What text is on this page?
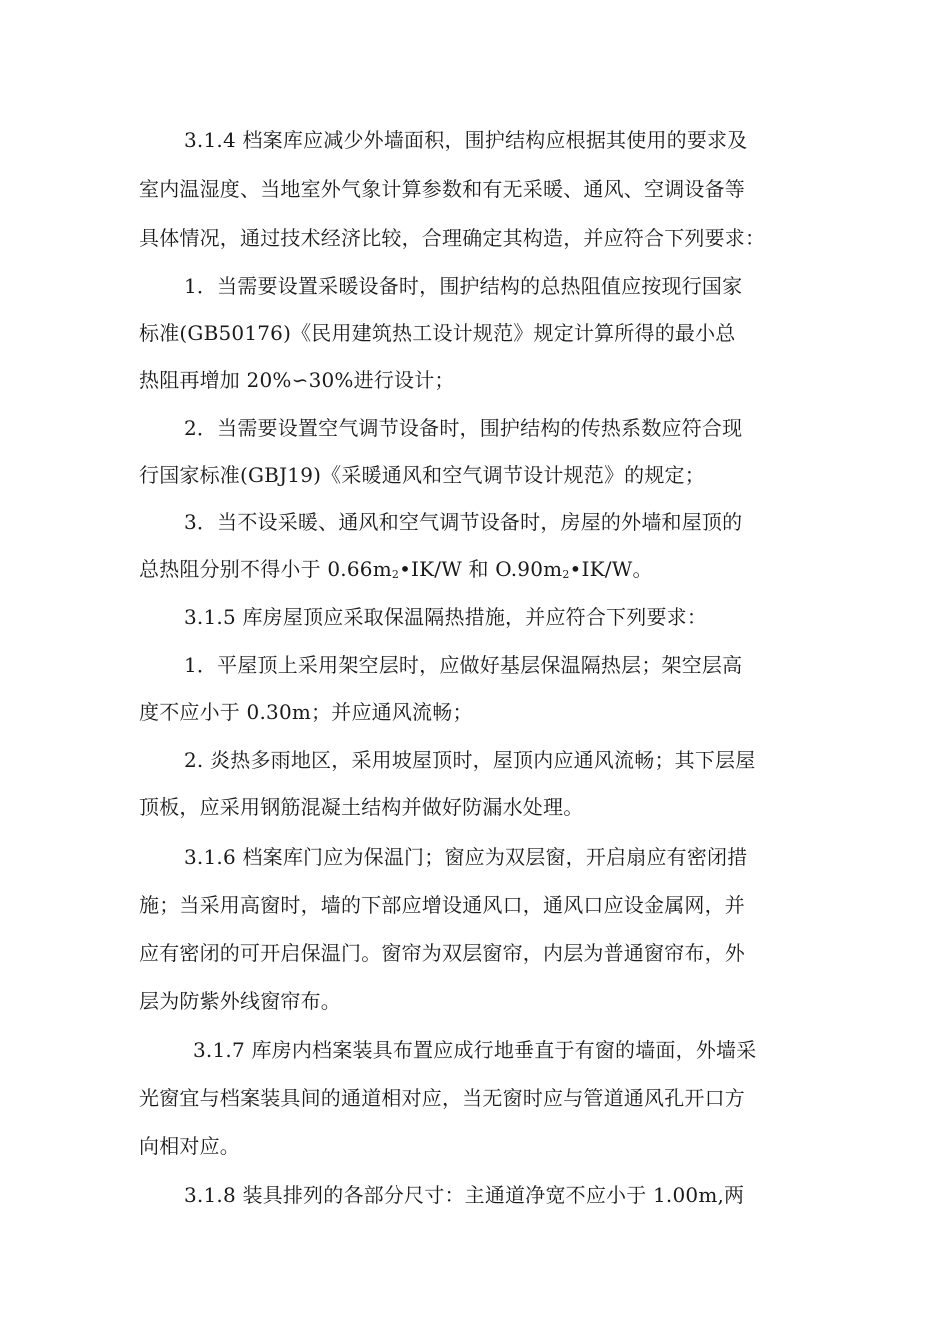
3.1.4 档案库应减少外墙面积，围护结构应根据其使用的要求及
室内温湿度、当地室外气象计算参数和有无采暖、通风、空调设备等
具体情况，通过技术经济比较，合理确定其构造，并应符合下列要求：
1．当需要设置采暖设备时，围护结构的总热阻值应按现行国家
标准(GB50176)《民用建筑热工设计规范》规定计算所得的最小总
热阻再增加 20%∽30%进行设计；
2．当需要设置空气调节设备时，围护结构的传热系数应符合现
行国家标准(GBJ19)《采暖通风和空气调节设计规范》的规定；
3．当不设采暖、通风和空气调节设备时，房屋的外墙和屋顶的
总热阻分别不得小于 0.66m2•IK/W 和 O.90m2•IK/W。
3.1.5 库房屋顶应采取保温隔热措施，并应符合下列要求：
1．平屋顶上采用架空层时，应做好基层保温隔热层；架空层高
度不应小于 0.30m；并应通风流畅；
2. 炎热多雨地区，采用坡屋顶时，屋顶内应通风流畅；其下层屋
顶板，应采用钢筋混凝土结构并做好防漏水处理。
3.1.6 档案库门应为保温门；窗应为双层窗，开启扇应有密闭措
施；当采用高窗时，墙的下部应增设通风口，通风口应设金属网，并
应有密闭的可开启保温门。窗帘为双层窗帘，内层为普通窗帘布，外
层为防紫外线窗帘布。
3.1.7 库房内档案装具布置应成行地垂直于有窗的墙面，外墙采
光窗宜与档案装具间的通道相对应，当无窗时应与管道通风孔开口方
向相对应。
3.1.8 装具排列的各部分尺寸：主通道净宽不应小于 1.00m,两
